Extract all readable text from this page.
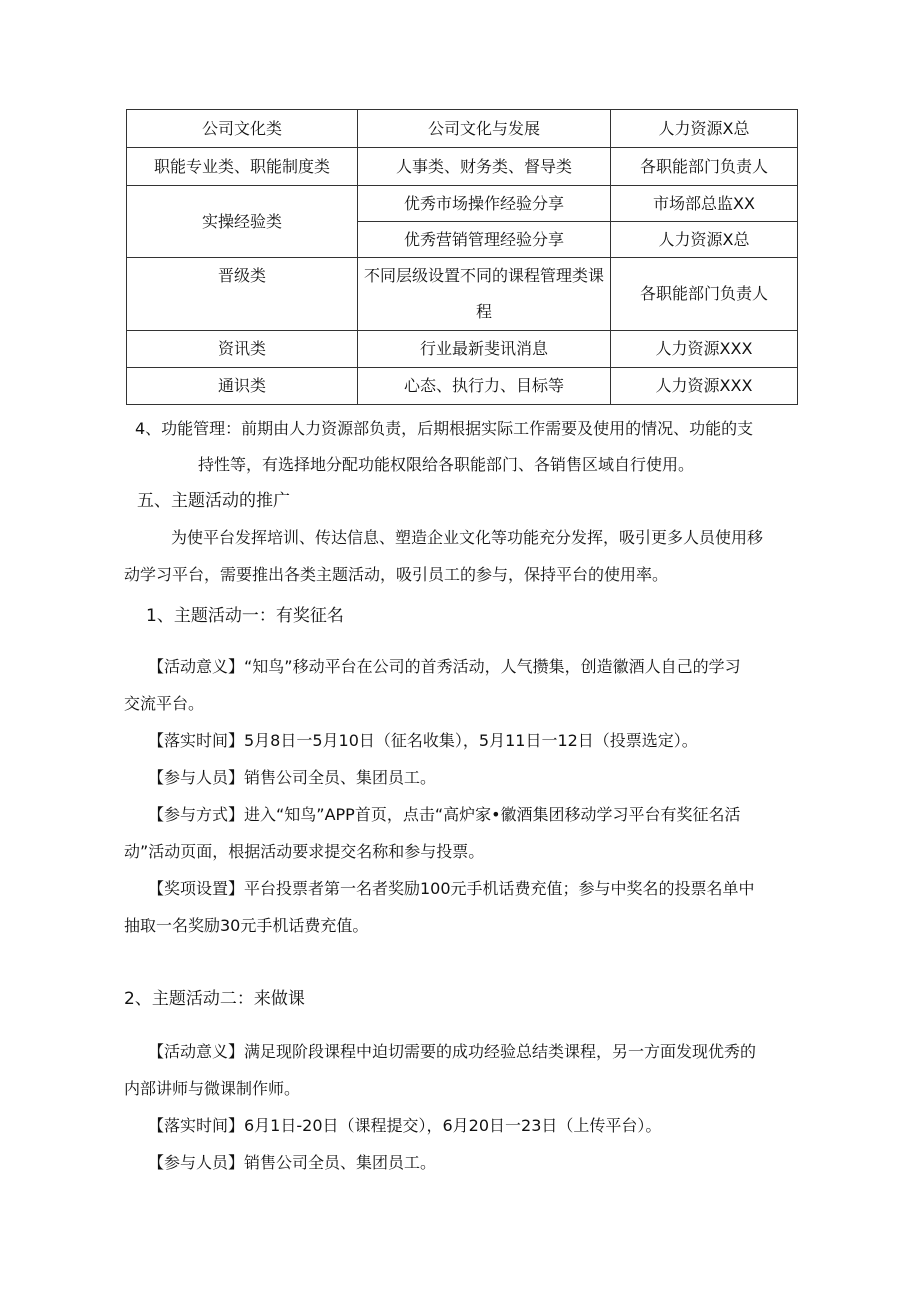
公司文化类	公司文化与发展	人力资源X总
职能专业类、职能制度类	人事类、财务类、督导类	各职能部门负责人
实操经验类	优秀市场操作经验分享	市场部总监XX
	优秀营销管理经验分享	人力资源X总
晋级类	不同层级设置不同的课程管理类课程	各职能部门负责人
资讯类	行业最新斐讯消息	人力资源XXX
通识类	心态、执行力、目标等	人力资源XXX
4、功能管理：前期由人力资源部负责，后期根据实际工作需要及使用的情况、功能的支
持性等，有选择地分配功能权限给各职能部门、各销售区域自行使用。
五、主题活动的推广
为使平台发挥培训、传达信息、塑造企业文化等功能充分发挥，吸引更多人员使用移
动学习平台，需要推出各类主题活动，吸引员工的参与，保持平台的使用率。
1、主题活动一：有奖征名
【活动意义】“知鸟”移动平台在公司的首秀活动，人气攒集，创造徽酒人自己的学习
交流平台。
【落实时间】5月8日一5月10日（征名收集），5月11日一12日（投票选定）。
【参与人员】销售公司全员、集团员工。
【参与方式】进入“知鸟”APP首页，点击“高炉家•徽酒集团移动学习平台有奖征名活
动”活动页面，根据活动要求提交名称和参与投票。
【奖项设置】平台投票者第一名者奖励100元手机话费充值；参与中奖名的投票名单中
抽取一名奖励30元手机话费充值。
2、主题活动二：来做课
【活动意义】满足现阶段课程中迫切需要的成功经验总结类课程，另一方面发现优秀的
内部讲师与微课制作师。
【落实时间】6月1日-20日（课程提交），6月20日一23日（上传平台）。
【参与人员】销售公司全员、集团员工。
